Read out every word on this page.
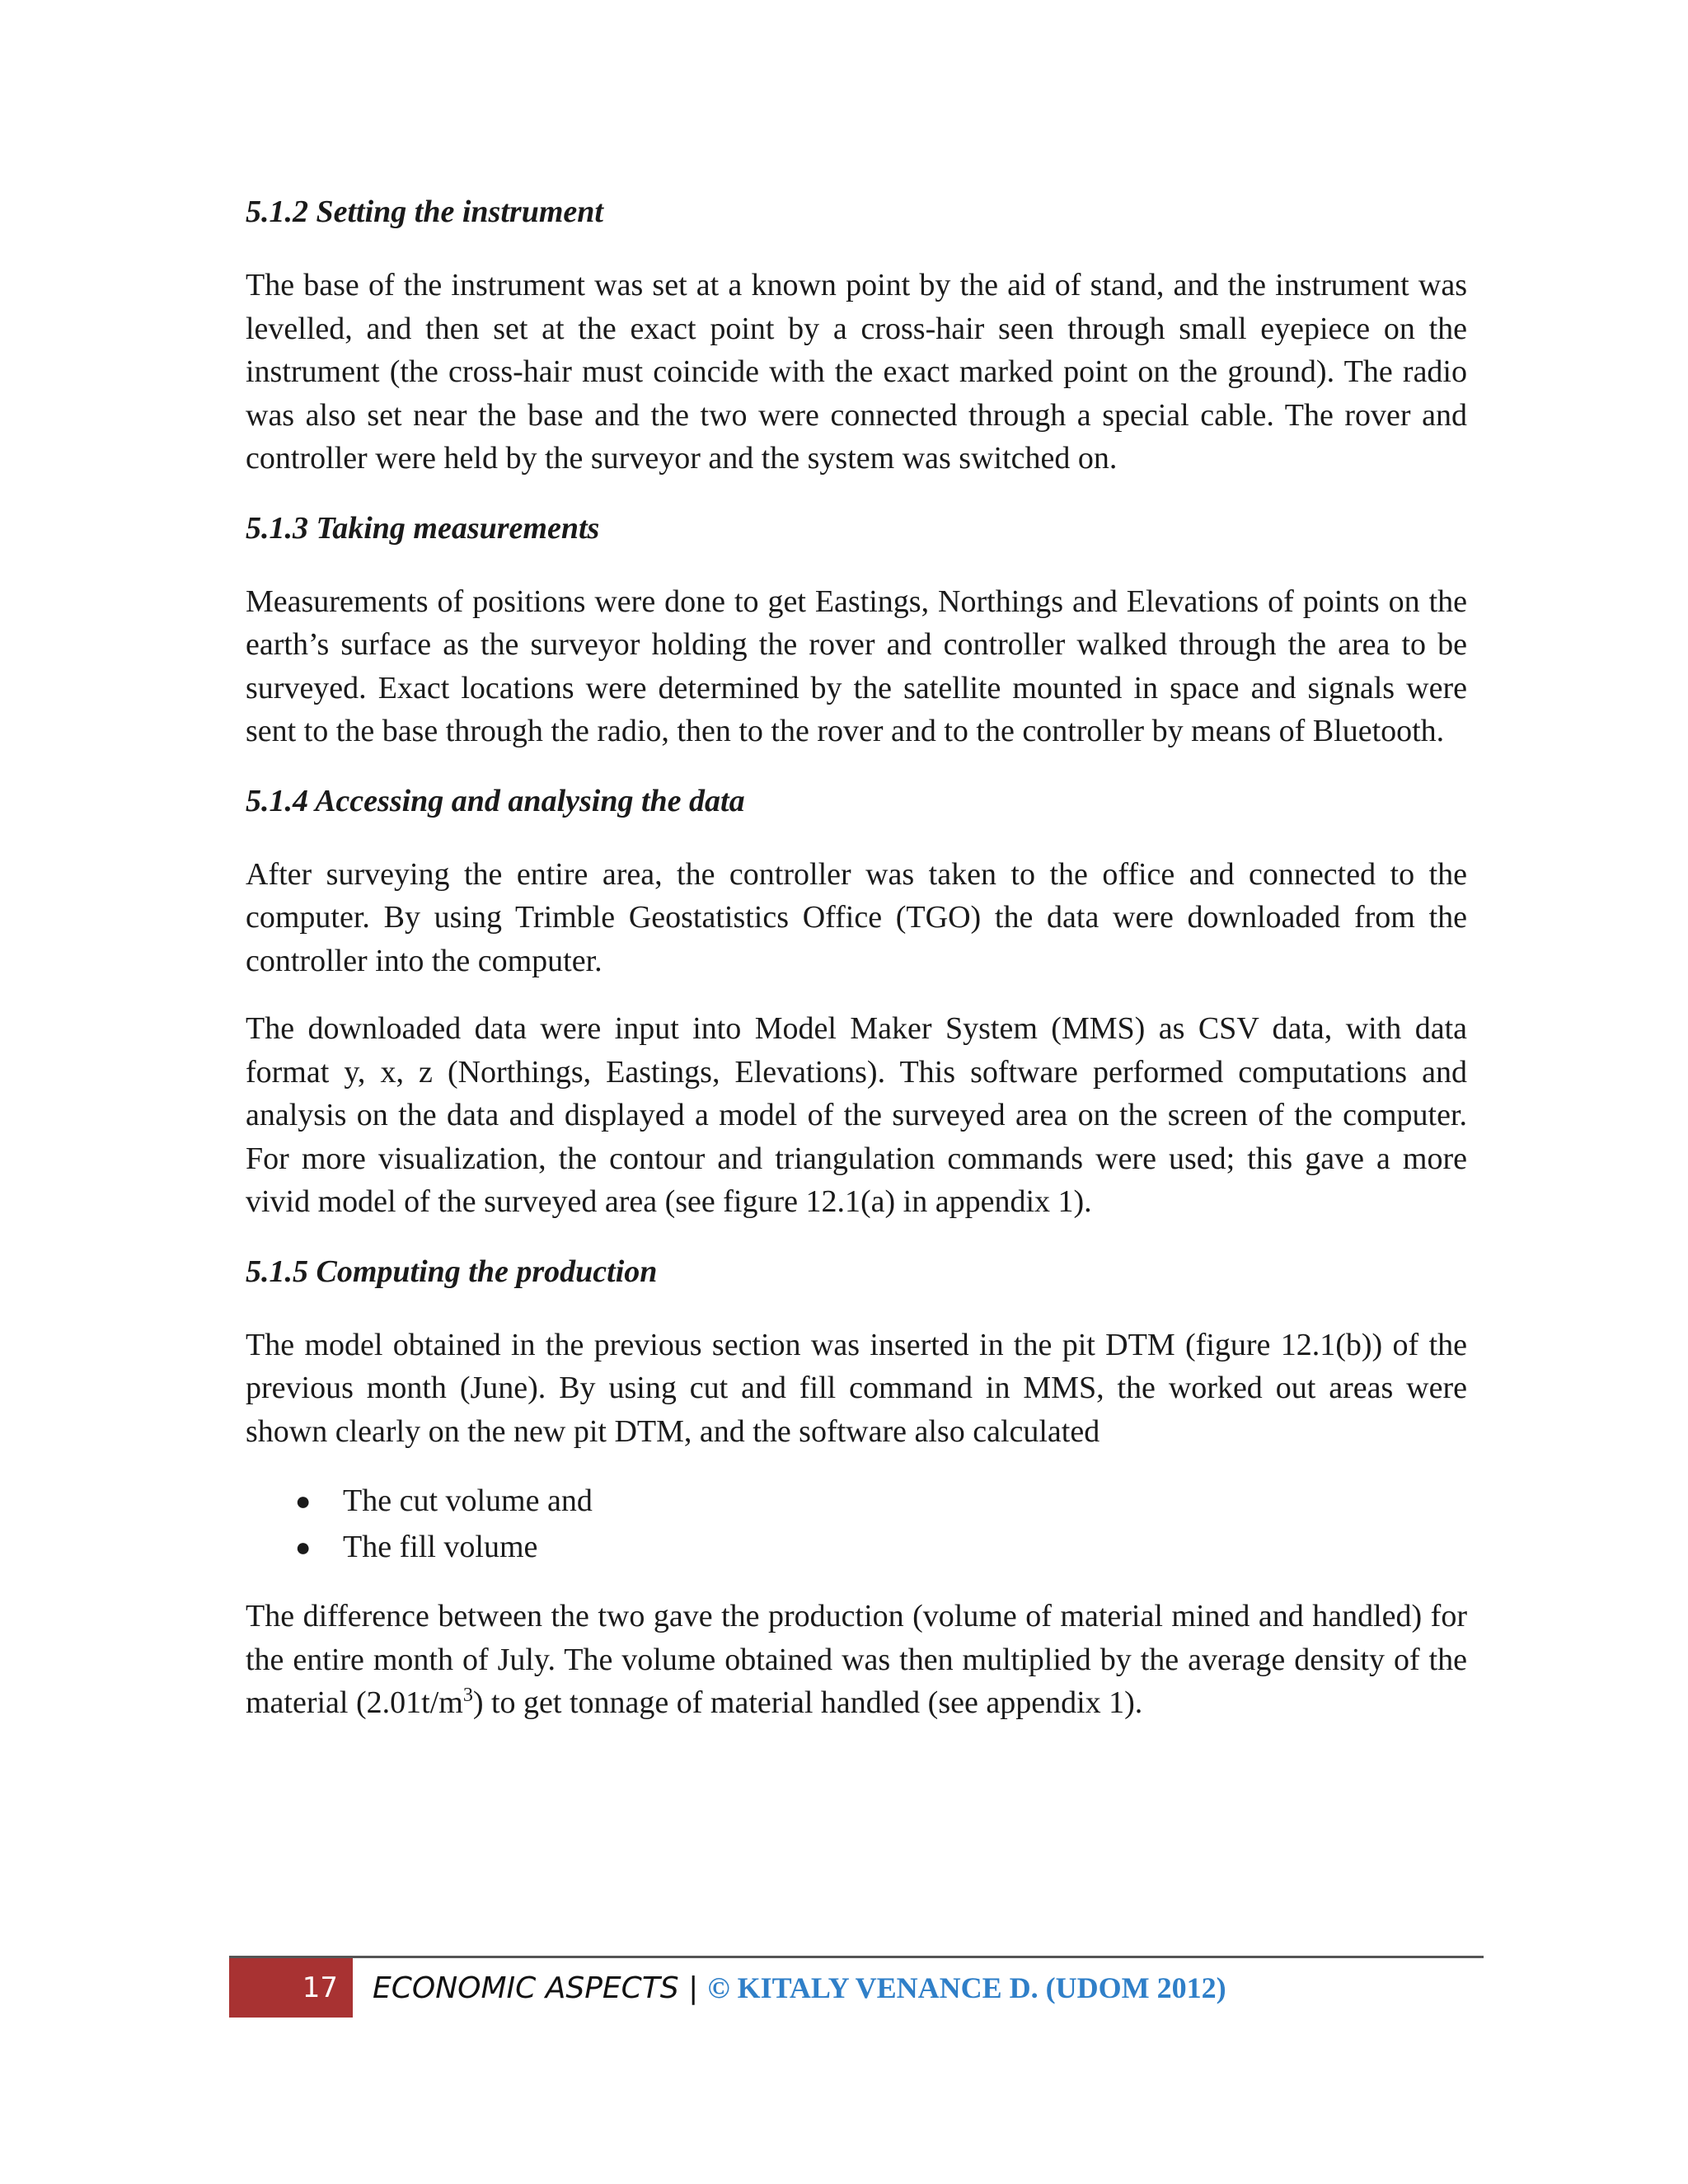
5.1.2 Setting the instrument

The base of the instrument was set at a known point by the aid of stand, and the instrument was levelled, and then set at the exact point by a cross-hair seen through small eyepiece on the instrument (the cross-hair must coincide with the exact marked point on the ground). The radio was also set near the base and the two were connected through a special cable. The rover and controller were held by the surveyor and the system was switched on.

5.1.3 Taking measurements

Measurements of positions were done to get Eastings, Northings and Elevations of points on the earth’s surface as the surveyor holding the rover and controller walked through the area to be surveyed. Exact locations were determined by the satellite mounted in space and signals were sent to the base through the radio, then to the rover and to the controller by means of Bluetooth.

5.1.4 Accessing and analysing the data

After surveying the entire area, the controller was taken to the office and connected to the computer. By using Trimble Geostatistics Office (TGO) the data were downloaded from the controller into the computer.

The downloaded data were input into Model Maker System (MMS) as CSV data, with data format y, x, z (Northings, Eastings, Elevations). This software performed computations and analysis on the data and displayed a model of the surveyed area on the screen of the computer. For more visualization, the contour and triangulation commands were used; this gave a more vivid model of the surveyed area (see figure 12.1(a) in appendix 1).

5.1.5 Computing the production

The model obtained in the previous section was inserted in the pit DTM (figure 12.1(b)) of the previous month (June). By using cut and fill command in MMS, the worked out areas were shown clearly on the new pit DTM, and the software also calculated

● The cut volume and
● The fill volume

The difference between the two gave the production (volume of material mined and handled) for the entire month of July. The volume obtained was then multiplied by the average density of the material $(2.01t/m^3)$ to get tonnage of material handled (see appendix 1).

17 ECONOMIC ASPECTS | © KITALY VENANCE D. (UDOM 2012)
